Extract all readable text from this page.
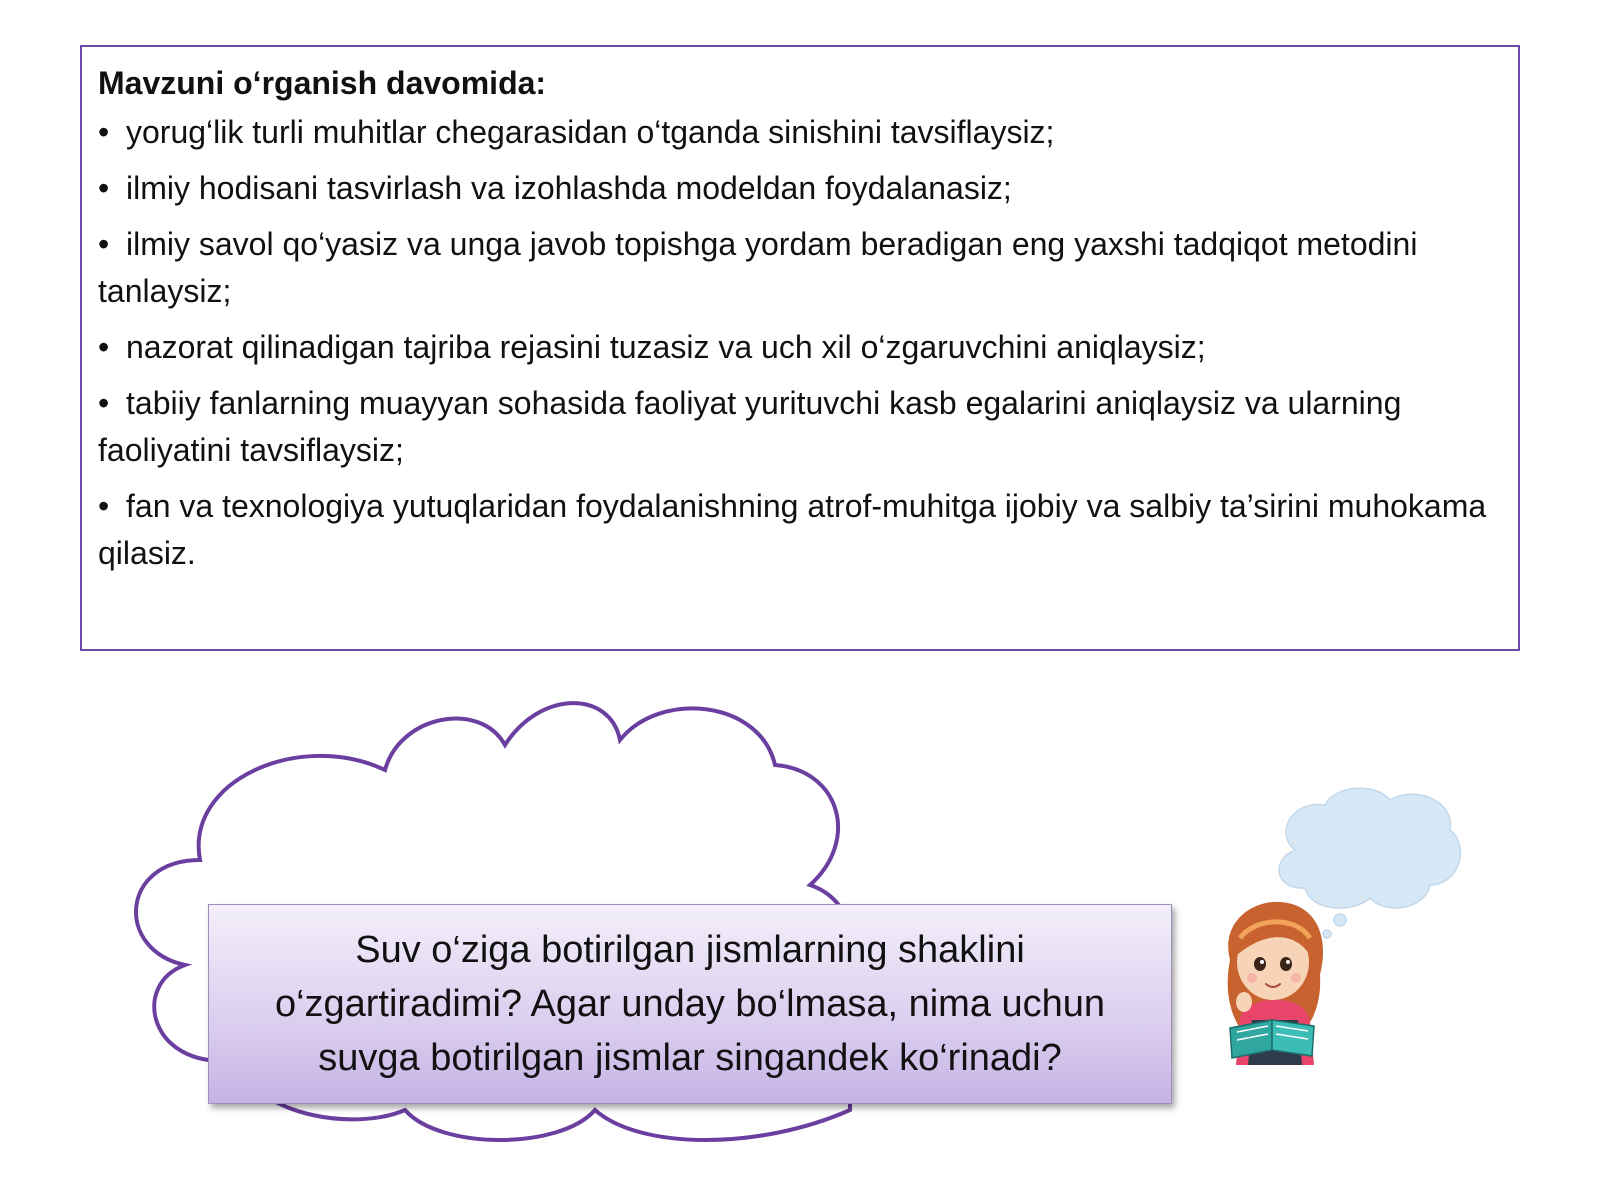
Mavzuni o‘rganish davomida:
• yorug‘lik turli muhitlar chegarasidan o‘tganda sinishini tavsiflaysiz;
• ilmiy hodisani tasvirlash va izohlashda modeldan foydalanasiz;
• ilmiy savol qo‘yasiz va unga javob topishga yordam beradigan eng yaxshi tadqiqot metodini tanlaysiz;
• nazorat qilinadigan tajriba rejasini tuzasiz va uch xil o‘zgaruvchini aniqlaysiz;
• tabiiy fanlarning muayyan sohasida faoliyat yurituvchi kasb egalarini aniqlaysiz va ularning faoliyatini tavsiflaysiz;
• fan va texnologiya yutuqlaridan foydalanishning atrof-muhitga ijobiy va salbiy ta’sirini muhokama qilasiz.
Suv o‘ziga botirilgan jismlarning shaklini o‘zgartiradimi? Agar unday bo‘lmasa, nima uchun suvga botirilgan jismlar singandek ko‘rinadi?
